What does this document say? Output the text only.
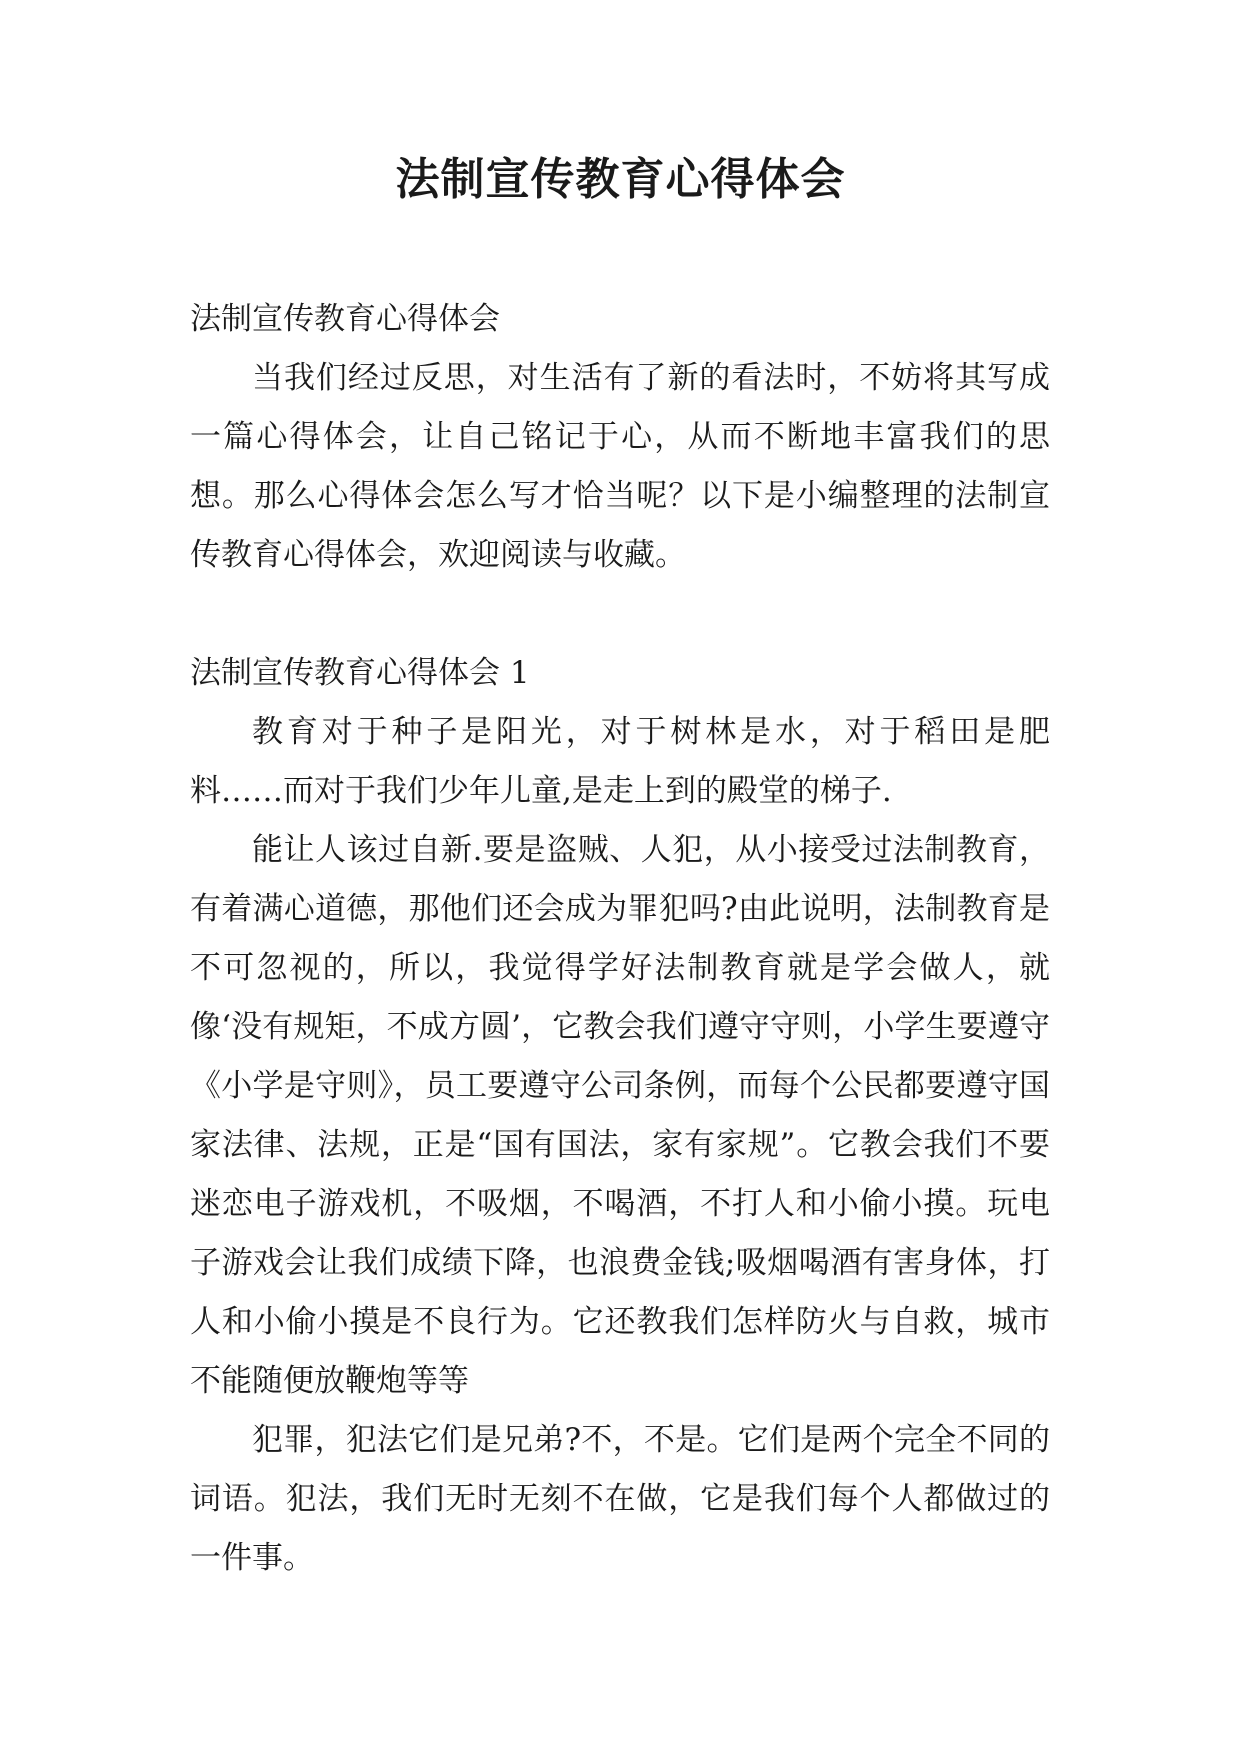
法制宣传教育心得体会

法制宣传教育心得体会

当我们经过反思，对生活有了新的看法时，不妨将其写成一篇心得体会，让自己铭记于心，从而不断地丰富我们的思想。那么心得体会怎么写才恰当呢？以下是小编整理的法制宣传教育心得体会，欢迎阅读与收藏。

法制宣传教育心得体会 1

教育对于种子是阳光，对于树林是水，对于稻田是肥料……而对于我们少年儿童,是走上到的殿堂的梯子.

能让人该过自新.要是盗贼、人犯，从小接受过法制教育，有着满心道德，那他们还会成为罪犯吗?由此说明，法制教育是不可忽视的，所以，我觉得学好法制教育就是学会做人，就像‘没有规矩，不成方圆’，它教会我们遵守守则，小学生要遵守《小学是守则》，员工要遵守公司条例，而每个公民都要遵守国家法律、法规，正是“国有国法，家有家规”。它教会我们不要迷恋电子游戏机，不吸烟，不喝酒，不打人和小偷小摸。玩电子游戏会让我们成绩下降，也浪费金钱;吸烟喝酒有害身体，打人和小偷小摸是不良行为。它还教我们怎样防火与自救，城市不能随便放鞭炮等等

犯罪，犯法它们是兄弟?不，不是。它们是两个完全不同的词语。犯法，我们无时无刻不在做，它是我们每个人都做过的一件事。
